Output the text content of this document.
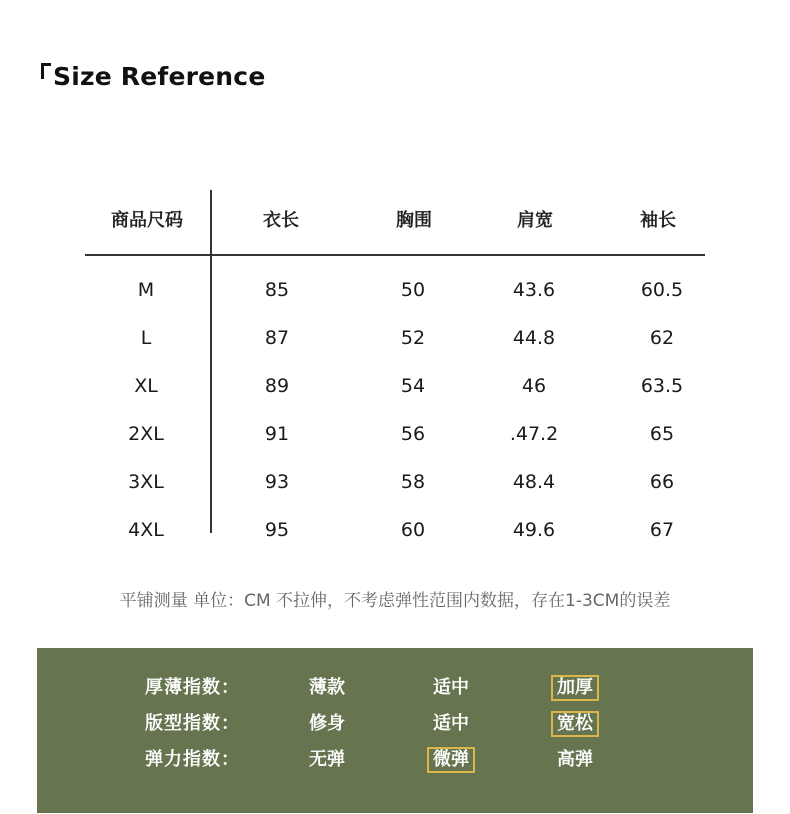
Size Reference
商品尺码	衣长	胸围	肩宽	袖长
M	85	50	43.6	60.5
L	87	52	44.8	62
XL	89	54	46	63.5
2XL	91	56	.47.2	65
3XL	93	58	48.4	66
4XL	95	60	49.6	67
平铺测量 单位：CM 不拉伸，不考虑弹性范围内数据，存在1-3CM的误差
厚薄指数：	薄款	适中	加厚
版型指数：	修身	适中	宽松
弹力指数：	无弹	微弹	高弹
